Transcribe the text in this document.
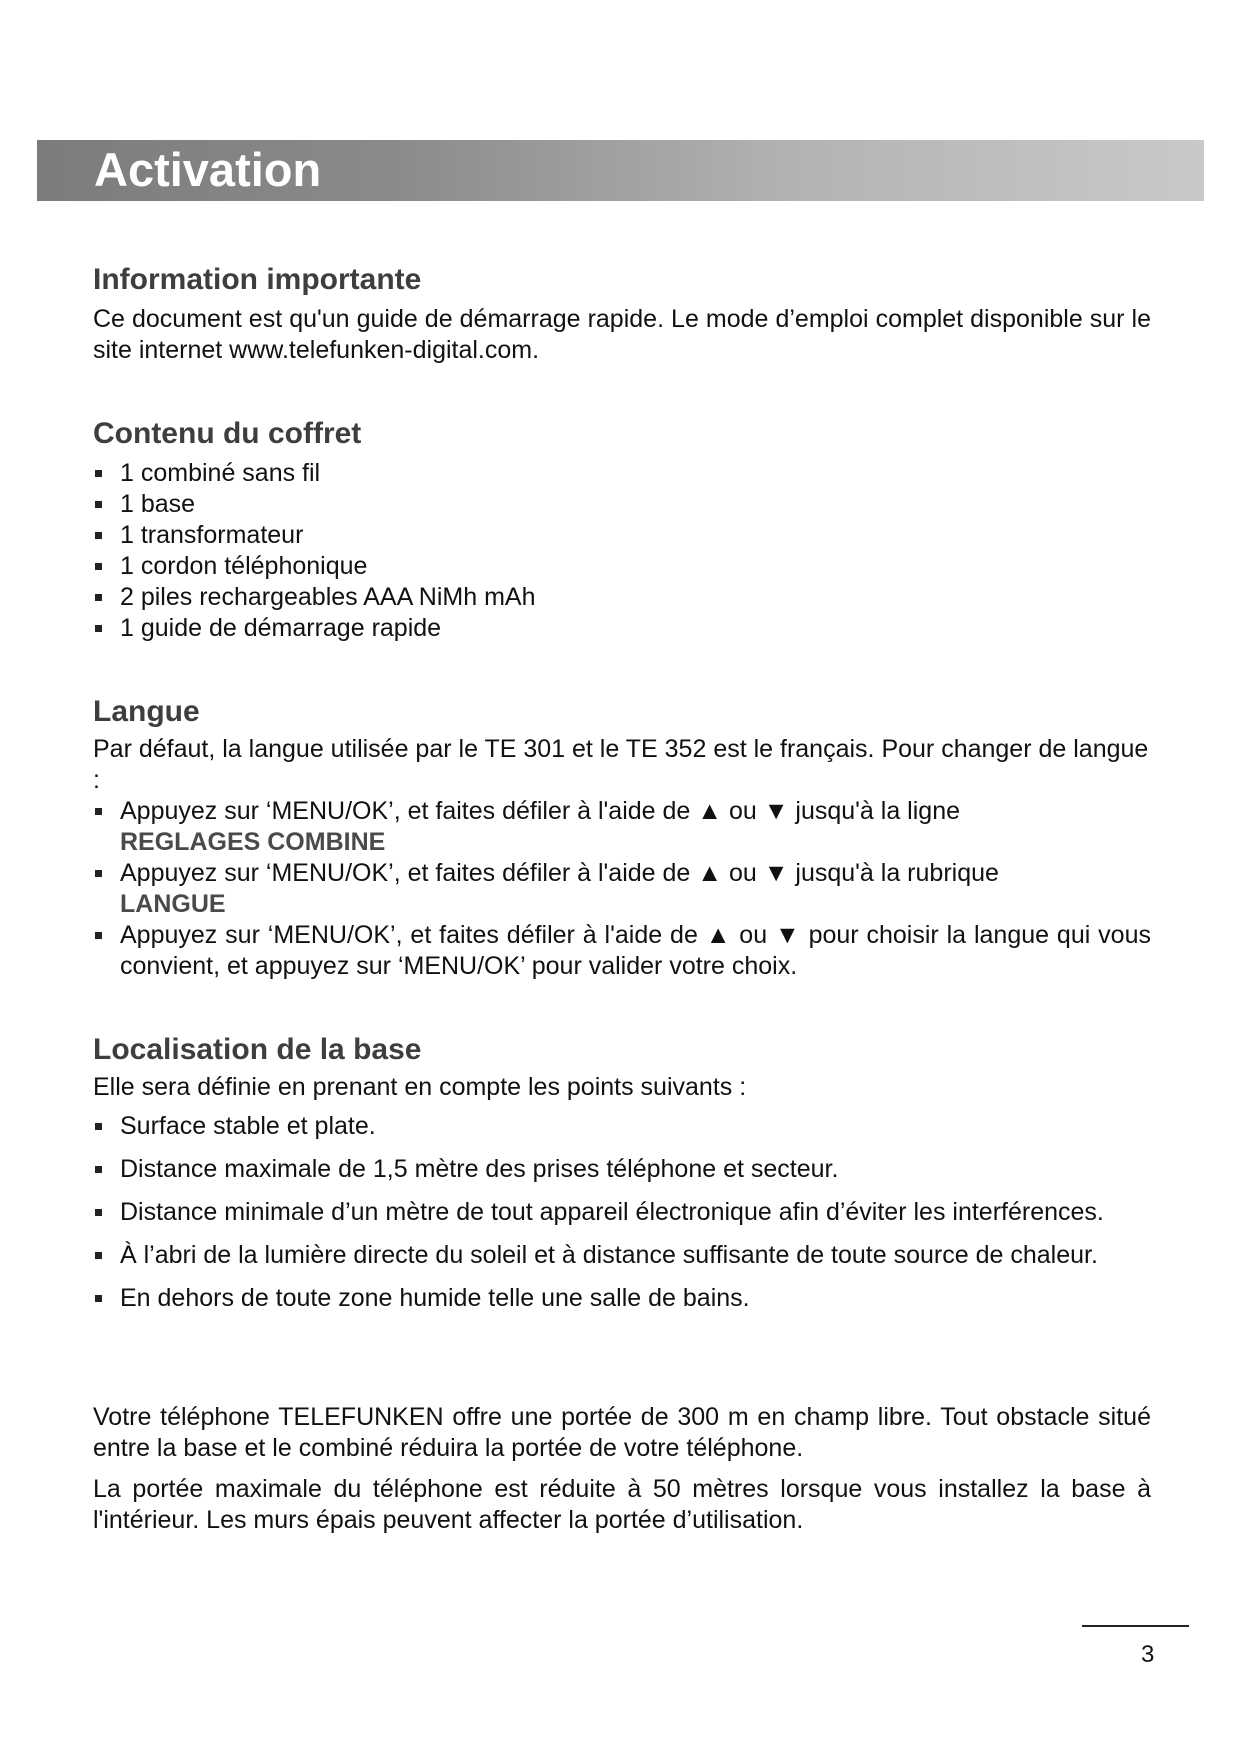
Activation
Information importante

Ce document est qu'un guide de démarrage rapide. Le mode d’emploi complet disponible sur le site internet www.telefunken-digital.com.

Contenu du coffret
1 combiné sans fil
1 base
1 transformateur
1 cordon téléphonique
2 piles rechargeables AAA NiMh mAh
1 guide de démarrage rapide
Langue

Par défaut, la langue utilisée par le TE 301 et le TE 352 est le français. Pour changer de langue :

Appuyez sur ‘MENU/OK’, et faites défiler à l'aide de ▲ ou ▼ jusqu'à la ligne
REGLAGES COMBINE
Appuyez sur ‘MENU/OK’, et faites défiler à l'aide de ▲ ou ▼ jusqu'à la rubrique
LANGUE
Appuyez sur ‘MENU/OK’, et faites défiler à l'aide de ▲ ou ▼ pour choisir la langue qui vous convient, et appuyez sur ‘MENU/OK’ pour valider votre choix.
Localisation de la base

Elle sera définie en prenant en compte les points suivants :

Surface stable et plate.
Distance maximale de 1,5 mètre des prises téléphone et secteur.
Distance minimale d’un mètre de tout appareil électronique afin d’éviter les interférences.
À l’abri de la lumière directe du soleil et à distance suffisante de toute source de chaleur.
En dehors de toute zone humide telle une salle de bains.

Votre téléphone TELEFUNKEN offre une portée de 300 m en champ libre. Tout obstacle situé entre la base et le combiné réduira la portée de votre téléphone.

La portée maximale du téléphone est réduite à 50 mètres lorsque vous installez la base à l'intérieur. Les murs épais peuvent affecter la portée d’utilisation.

3
